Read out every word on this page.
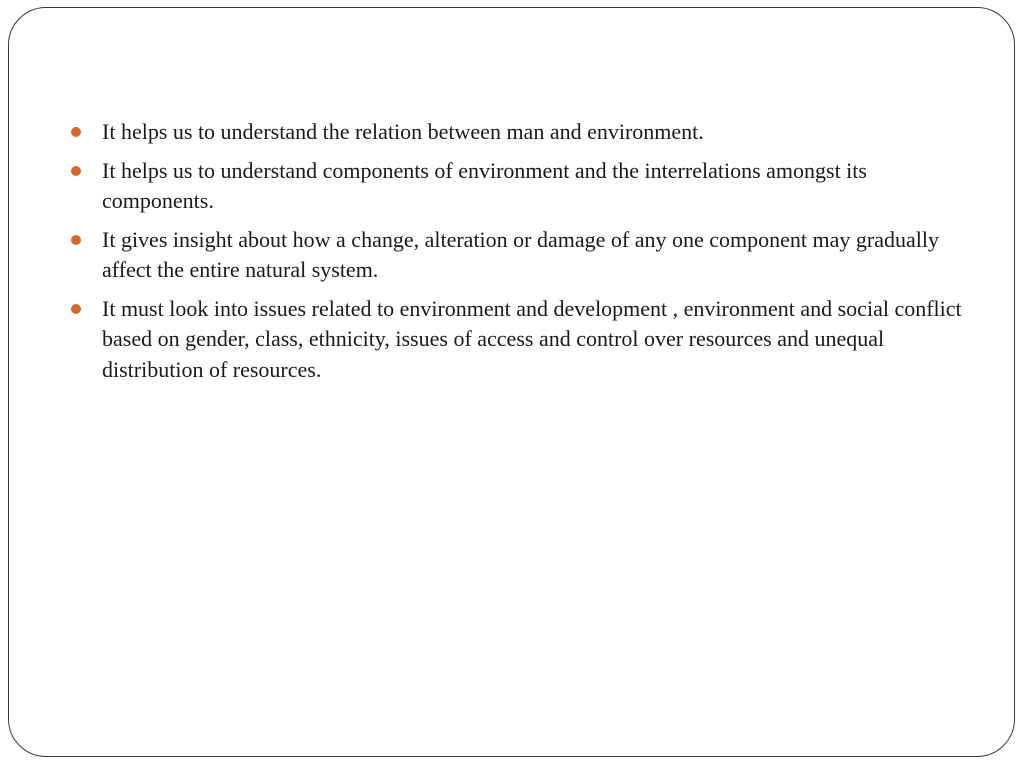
It helps us to understand the relation between man and environment.
It helps us to understand components of environment and the interrelations amongst its components.
It gives insight about how a change, alteration or damage of any one component may gradually affect the entire natural system.
It must look into issues related to environment and development , environment and social conflict based on gender, class, ethnicity, issues of access and control over resources and unequal distribution of resources.
